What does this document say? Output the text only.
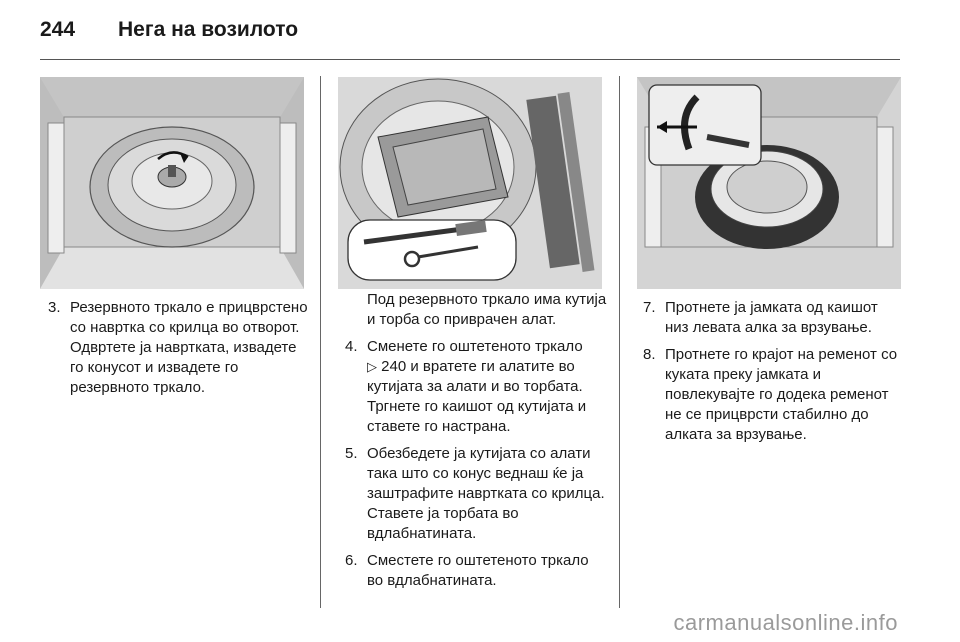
244 Нега на возилото
3. Резервното тркало е прицврстено со навртка со крилца во отворот. Одвртете ја навртката, извадете го конусот и извадете го резервното тркало.

Под резервното тркало има кутија и торба со приврачен алат.

4. Сменете го оштетеното тркало
▷ 240 и вратете ги алатите во кутијата за алати и во торбата. Тргнете го каишот од кутијата и ставете го настрана.
5. Обезбедете ја кутијата со алати така што со конус веднаш ќе ја заштрафите навртката со крилца. Ставете ја торбата во вдлабнатината.
6. Сместете го оштетеното тркало во вдлабнатината.
7. Протнете ја јамката од каишот низ левата алка за врзување.
8. Протнете го крајот на ременот со куката преку јамката и повлекувајте го додека ременот не се прицврсти стабилно до алката за врзување.
carmanualsonline.info
